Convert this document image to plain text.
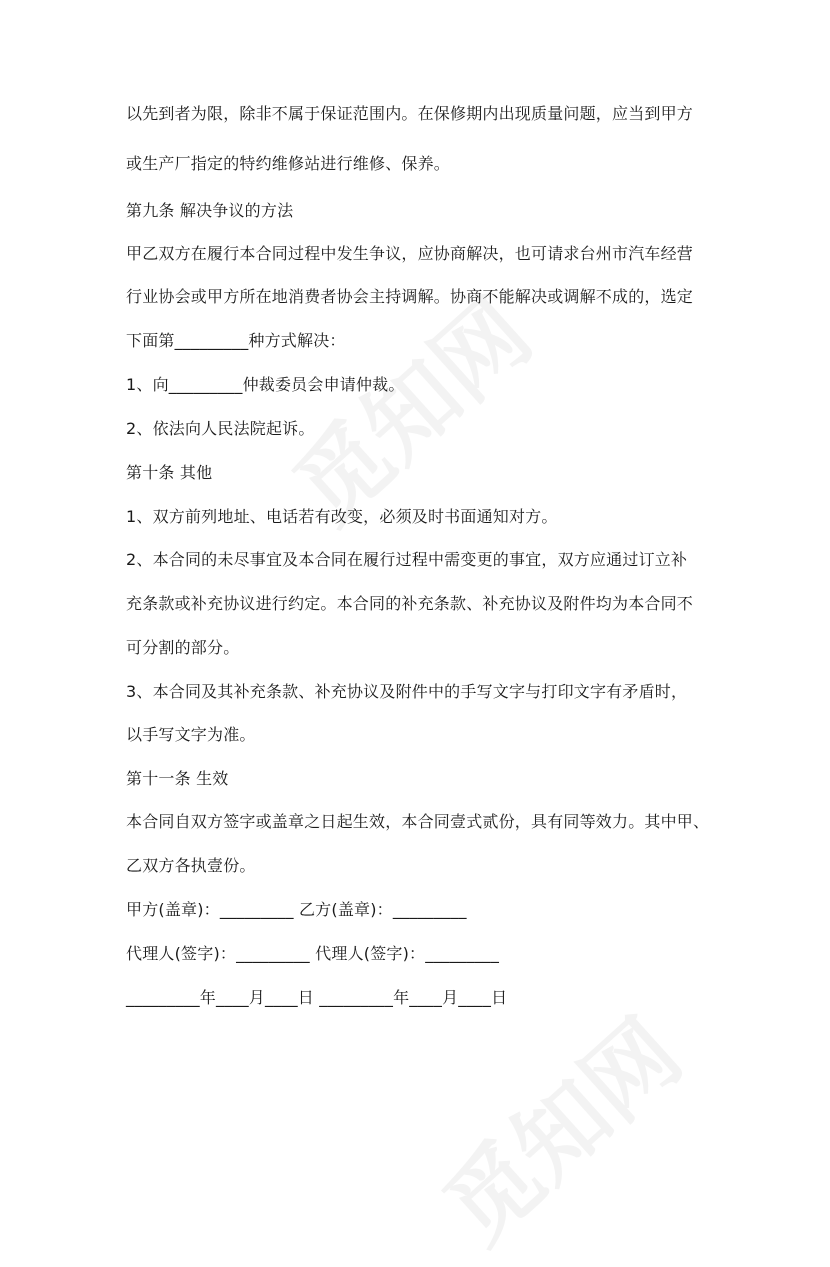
以先到者为限，除非不属于保证范围内。在保修期内出现质量问题，应当到甲方
或生产厂指定的特约维修站进行维修、保养。
第九条 解决争议的方法
甲乙双方在履行本合同过程中发生争议，应协商解决，也可请求台州市汽车经营
行业协会或甲方所在地消费者协会主持调解。协商不能解决或调解不成的，选定
下面第_________种方式解决：
1、向_________仲裁委员会申请仲裁。
2、依法向人民法院起诉。
第十条 其他
1、双方前列地址、电话若有改变，必须及时书面通知对方。
2、本合同的未尽事宜及本合同在履行过程中需变更的事宜，双方应通过订立补
充条款或补充协议进行约定。本合同的补充条款、补充协议及附件均为本合同不
可分割的部分。
3、本合同及其补充条款、补充协议及附件中的手写文字与打印文字有矛盾时，
以手写文字为准。
第十一条 生效
本合同自双方签字或盖章之日起生效，本合同壹式贰份，具有同等效力。其中甲、
乙双方各执壹份。
甲方(盖章)：_________ 乙方(盖章)：_________
代理人(签字)：_________ 代理人(签字)：_________
_________年____月____日 _________年____月____日
